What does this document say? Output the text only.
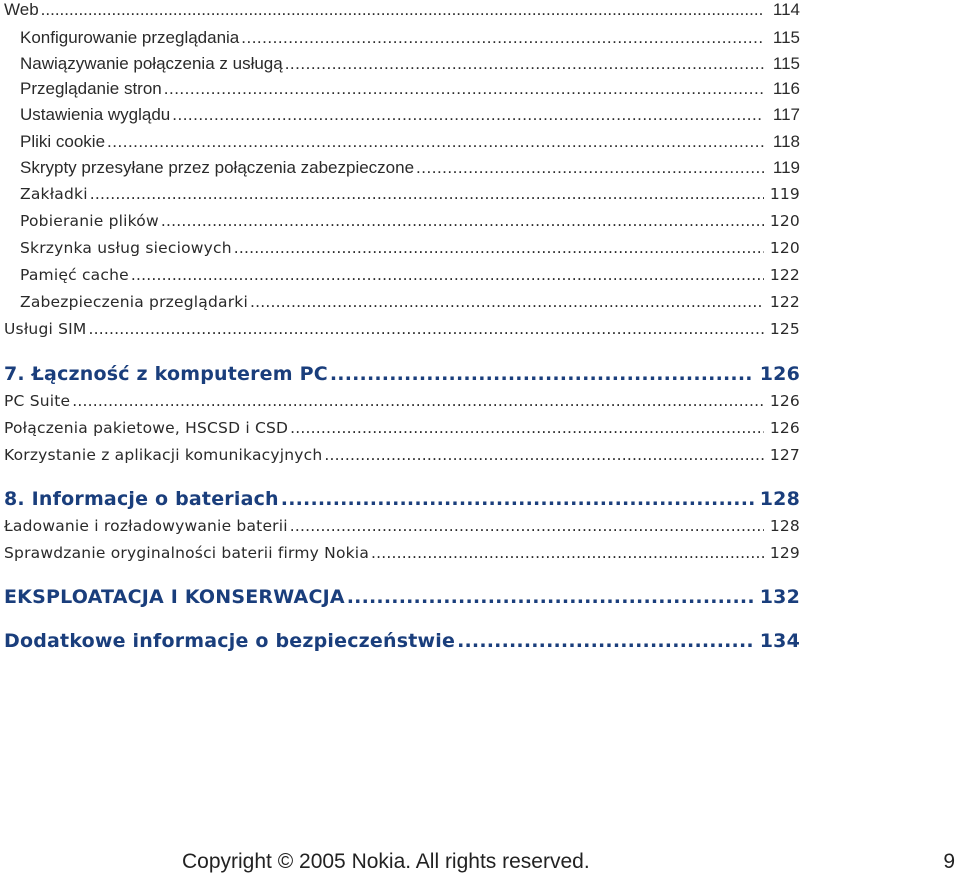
Web .....	114
Konfigurowanie przeglądania .....	115
Nawiązywanie połączenia z usługą .....	115
Przeglądanie stron .....	116
Ustawienia wyglądu .....	117
Pliki cookie .....	118
Skrypty przesyłane przez połączenia zabezpieczone .....	119
Zakładki .....	119
Pobieranie plików .....	120
Skrzynka usług sieciowych .....	120
Pamięć cache .....	122
Zabezpieczenia przeglądarki .....	122
Usługi SIM .....	125
7. Łączność z komputerem PC .....	126
PC Suite .....	126
Połączenia pakietowe, HSCSD i CSD .....	126
Korzystanie z aplikacji komunikacyjnych .....	127
8. Informacje o bateriach .....	128
Ładowanie i rozładowywanie baterii .....	128
Sprawdzanie oryginalności baterii firmy Nokia .....	129
EKSPLOATACJA I KONSERWACJA .....	132
Dodatkowe informacje o bezpieczeństwie .....	134
Copyright © 2005 Nokia. All rights reserved.	9
